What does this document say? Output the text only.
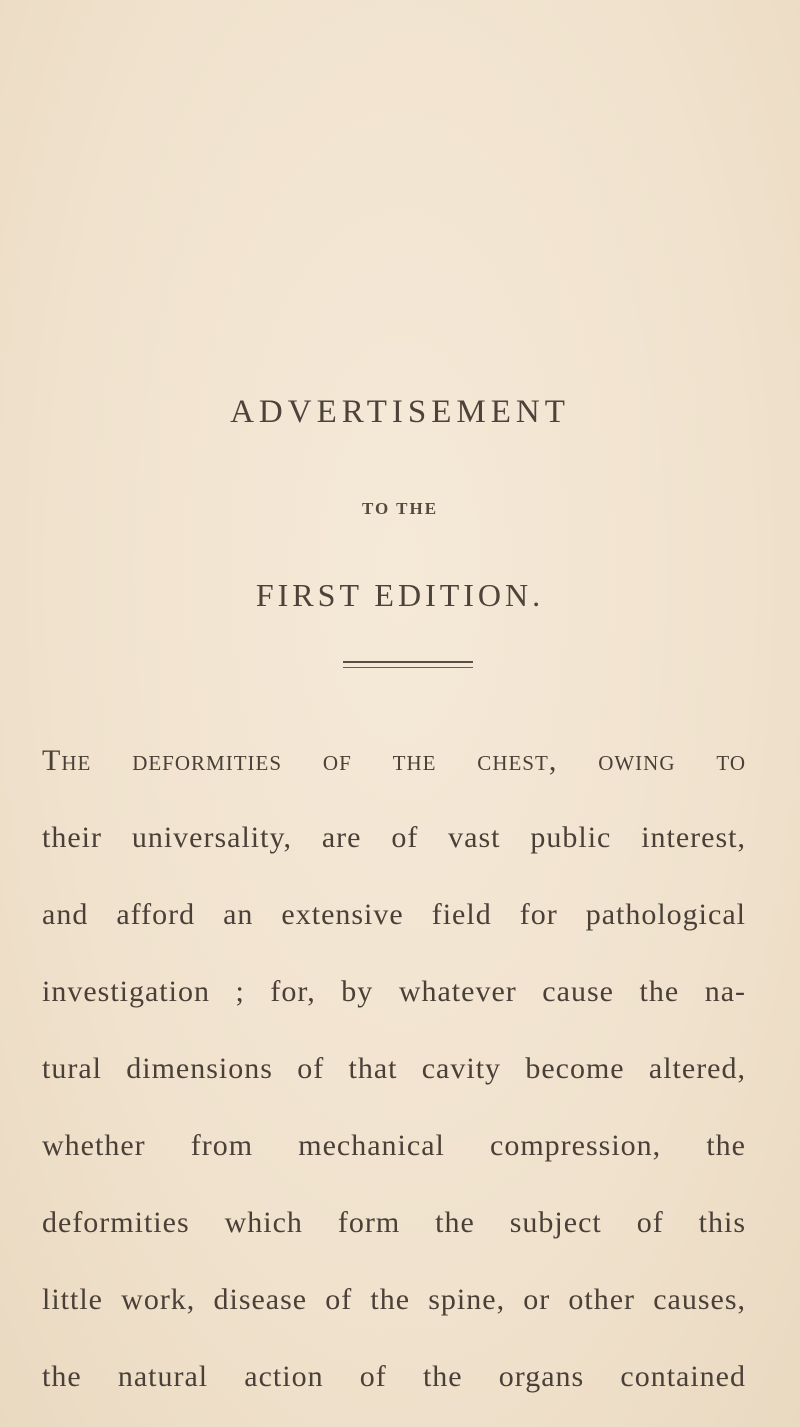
ADVERTISEMENT
TO THE
FIRST EDITION.
The deformities of the chest, owing to
their universality, are of vast public interest,
and afford an extensive field for pathological
investigation ; for, by whatever cause the na-
tural dimensions of that cavity become altered,
whether from mechanical compression, the
deformities which form the subject of this
little work, disease of the spine, or other causes,
the natural action of the organs contained
